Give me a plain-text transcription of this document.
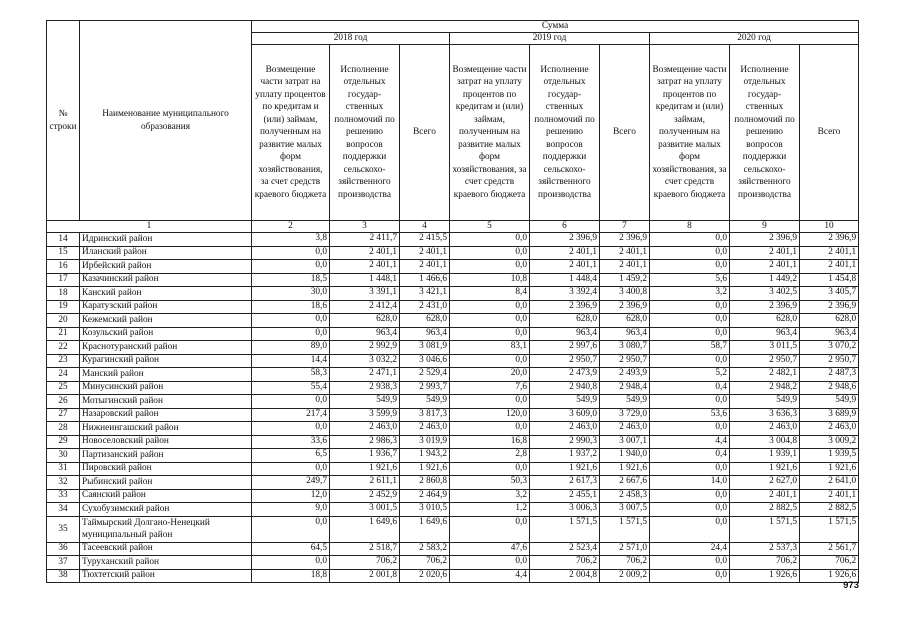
№ строки	Наименование муниципального образования	Сумма								
		2018 год			2019 год			2020 год		
		Возмещение части затрат на уплату процентов по кредитам и (или) займам, полученным на развитие малых форм хозяйствования, за счет средств краевого бюджета	Исполнение отдельных государ-ственных полномочий по решению вопросов поддержки сельскохо-зяйственного производства	Всего	Возмещение части затрат на уплату процентов по кредитам и (или) займам, полученным на развитие малых форм хозяйствования, за счет средств краевого бюджета	Исполнение отдельных государ-ственных полномочий по решению вопросов поддержки сельскохо-зяйственного производства	Всего	Возмещение части затрат на уплату процентов по кредитам и (или) займам, полученным на развитие малых форм хозяйствования, за счет средств краевого бюджета	Исполнение отдельных государ-ственных полномочий по решению вопросов поддержки сельскохо-зяйственного производства	Всего
1		2	3	4	5	6	7	8	9	10
14	Идринский район	3,8	2 411,7	2 415,5	0,0	2 396,9	2 396,9	0,0	2 396,9	2 396,9
15	Иланский район	0,0	2 401,1	2 401,1	0,0	2 401,1	2 401,1	0,0	2 401,1	2 401,1
16	Ирбейский район	0,0	2 401,1	2 401,1	0,0	2 401,1	2 401,1	0,0	2 401,1	2 401,1
17	Казачинский район	18,5	1 448,1	1 466,6	10,8	1 448,4	1 459,2	5,6	1 449,2	1 454,8
18	Канский район	30,0	3 391,1	3 421,1	8,4	3 392,4	3 400,8	3,2	3 402,5	3 405,7
19	Каратузский район	18,6	2 412,4	2 431,0	0,0	2 396,9	2 396,9	0,0	2 396,9	2 396,9
20	Кежемский район	0,0	628,0	628,0	0,0	628,0	628,0	0,0	628,0	628,0
21	Козульский район	0,0	963,4	963,4	0,0	963,4	963,4	0,0	963,4	963,4
22	Краснотуранский район	89,0	2 992,9	3 081,9	83,1	2 997,6	3 080,7	58,7	3 011,5	3 070,2
23	Курагинский район	14,4	3 032,2	3 046,6	0,0	2 950,7	2 950,7	0,0	2 950,7	2 950,7
24	Манский район	58,3	2 471,1	2 529,4	20,0	2 473,9	2 493,9	5,2	2 482,1	2 487,3
25	Минусинский район	55,4	2 938,3	2 993,7	7,6	2 940,8	2 948,4	0,4	2 948,2	2 948,6
26	Мотыгинский район	0,0	549,9	549,9	0,0	549,9	549,9	0,0	549,9	549,9
27	Назаровский район	217,4	3 599,9	3 817,3	120,0	3 609,0	3 729,0	53,6	3 636,3	3 689,9
28	Нижнеингашский район	0,0	2 463,0	2 463,0	0,0	2 463,0	2 463,0	0,0	2 463,0	2 463,0
29	Новоселовский район	33,6	2 986,3	3 019,9	16,8	2 990,3	3 007,1	4,4	3 004,8	3 009,2
30	Партизанский район	6,5	1 936,7	1 943,2	2,8	1 937,2	1 940,0	0,4	1 939,1	1 939,5
31	Пировский район	0,0	1 921,6	1 921,6	0,0	1 921,6	1 921,6	0,0	1 921,6	1 921,6
32	Рыбинский район	249,7	2 611,1	2 860,8	50,3	2 617,3	2 667,6	14,0	2 627,0	2 641,0
33	Саянский район	12,0	2 452,9	2 464,9	3,2	2 455,1	2 458,3	0,0	2 401,1	2 401,1
34	Сухобузимский район	9,0	3 001,5	3 010,5	1,2	3 006,3	3 007,5	0,0	2 882,5	2 882,5
35	Таймырский Долгано-Ненецкий муниципальный район	0,0	1 649,6	1 649,6	0,0	1 571,5	1 571,5	0,0	1 571,5	1 571,5
36	Тасеевский район	64,5	2 518,7	2 583,2	47,6	2 523,4	2 571,0	24,4	2 537,3	2 561,7
37	Туруханский район	0,0	706,2	706,2	0,0	706,2	706,2	0,0	706,2	706,2
38	Тюхтетский район	18,8	2 001,8	2 020,6	4,4	2 004,8	2 009,2	0,0	1 926,6	1 926,6
973
